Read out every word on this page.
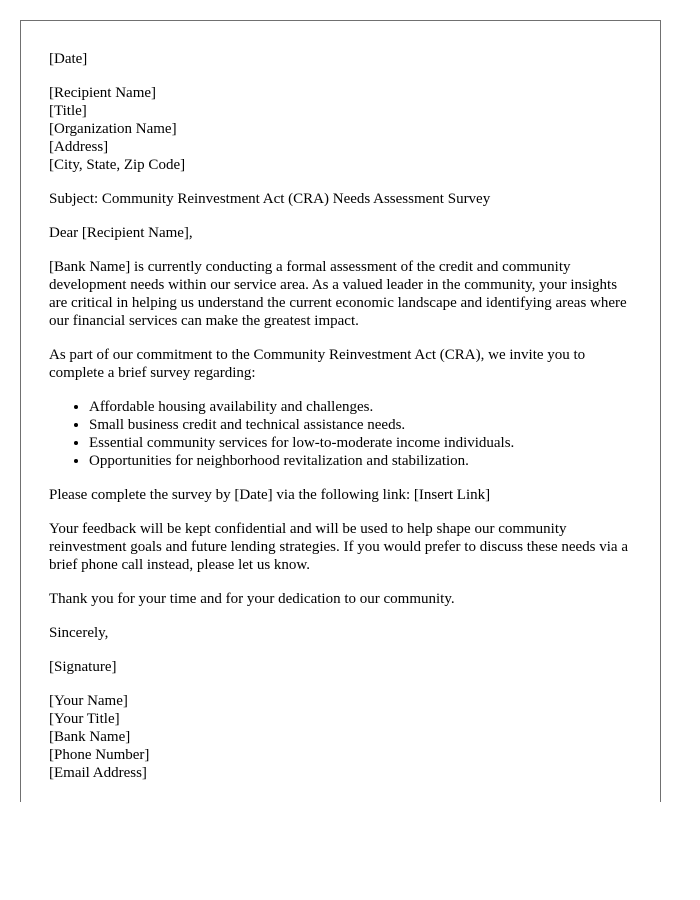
[Date]
[Recipient Name]
[Title]
[Organization Name]
[Address]
[City, State, Zip Code]

Subject: Community Reinvestment Act (CRA) Needs Assessment Survey

Dear [Recipient Name],

[Bank Name] is currently conducting a formal assessment of the credit and community development needs within our service area. As a valued leader in the community, your insights are critical in helping us understand the current economic landscape and identifying areas where our financial services can make the greatest impact.

As part of our commitment to the Community Reinvestment Act (CRA), we invite you to complete a brief survey regarding:

• Affordable housing availability and challenges.
• Small business credit and technical assistance needs.
• Essential community services for low-to-moderate income individuals.
• Opportunities for neighborhood revitalization and stabilization.

Please complete the survey by [Date] via the following link: [Insert Link]

Your feedback will be kept confidential and will be used to help shape our community reinvestment goals and future lending strategies. If you would prefer to discuss these needs via a brief phone call instead, please let us know.

Thank you for your time and for your dedication to our community.

Sincerely,

[Signature]

[Your Name]
[Your Title]
[Bank Name]
[Phone Number]
[Email Address]
